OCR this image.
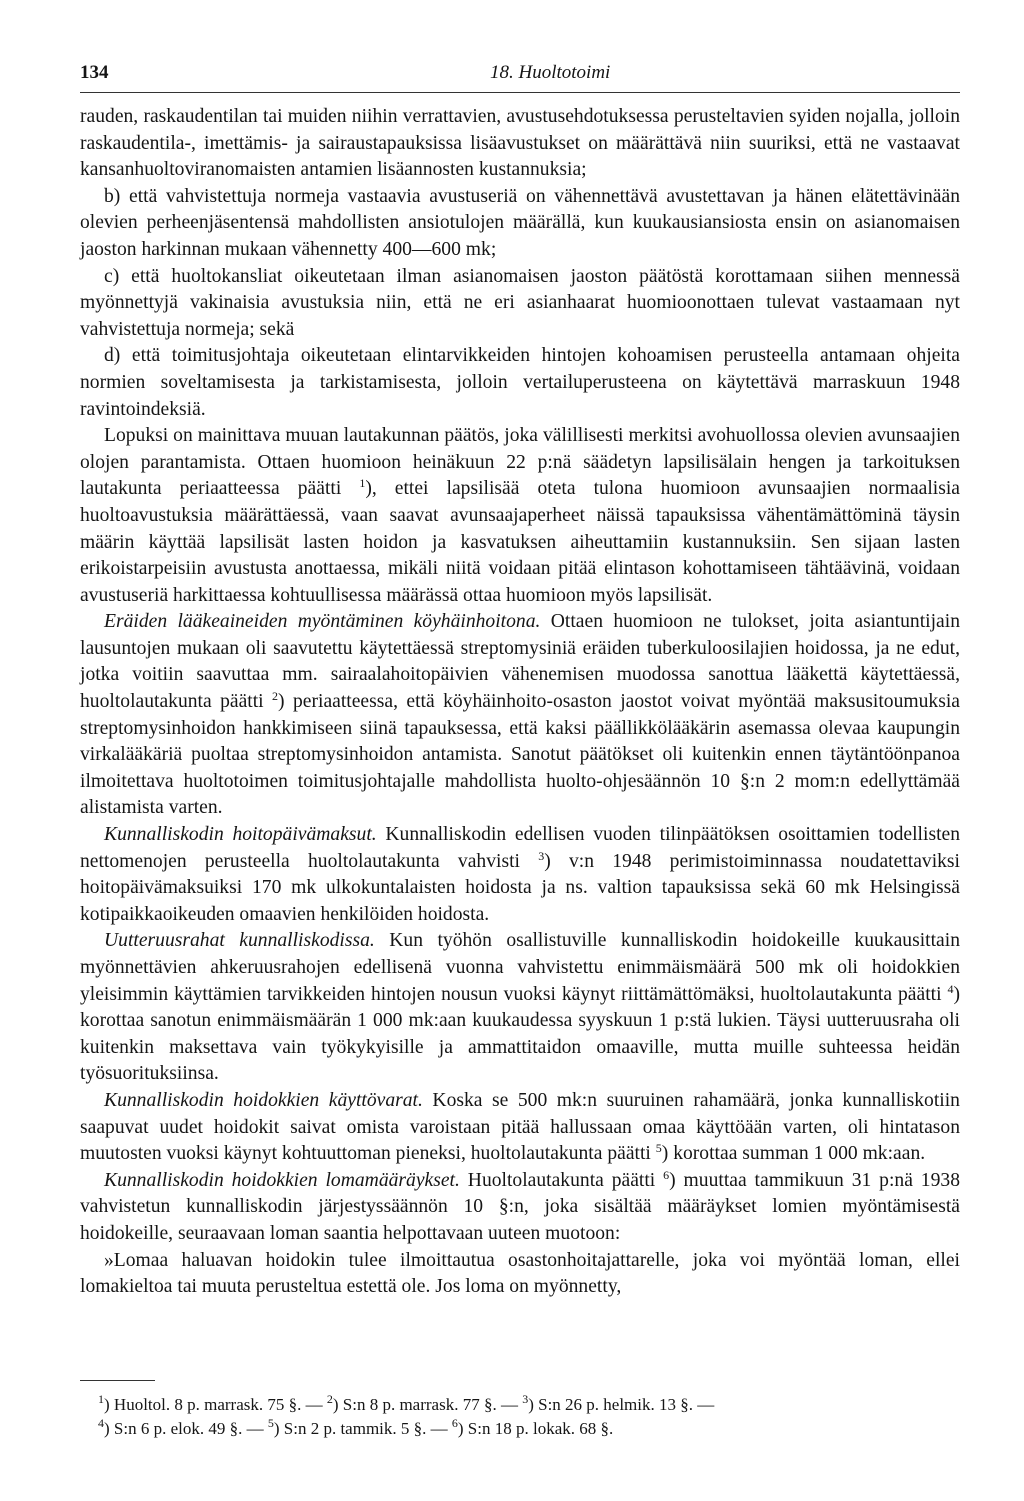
134	18. Huoltotoimi

rauden, raskaudentilan tai muiden niihin verrattavien, avustusehdotuksessa perusteltavien syiden nojalla, jolloin raskaudentila-, imettämis- ja sairaustapauksissa lisäavustukset on määrättävä niin suuriksi, että ne vastaavat kansanhuoltoviranomaisten antamien lisäannosten kustannuksia;

b) että vahvistettuja normeja vastaavia avustuseriä on vähennettävä avustettavan ja hänen elätettävinään olevien perheenjäsentensä mahdollisten ansiotulojen määrällä, kun kuukausiansiosta ensin on asianomaisen jaoston harkinnan mukaan vähennetty 400—600 mk;

c) että huoltokansliat oikeutetaan ilman asianomaisen jaoston päätöstä korottamaan siihen mennessä myönnettyjä vakinaisia avustuksia niin, että ne eri asianhaarat huomioonottaen tulevat vastaamaan nyt vahvistettuja normeja; sekä

d) että toimitusjohtaja oikeutetaan elintarvikkeiden hintojen kohoamisen perusteella antamaan ohjeita normien soveltamisesta ja tarkistamisesta, jolloin vertailuperusteena on käytettävä marraskuun 1948 ravintoindeksiä.

Lopuksi on mainittava muuan lautakunnan päätös, joka välillisesti merkitsi avohuollossa olevien avunsaajien olojen parantamista. Ottaen huomioon heinäkuun 22 p:nä säädetyn lapsilisälain hengen ja tarkoituksen lautakunta periaatteessa päätti $^1$), ettei lapsilisää oteta tulona huomioon avunsaajien normaalisia huoltoavustuksia määrättäessä, vaan saavat avunsaajaperheet näissä tapauksissa vähentämättöminä täysin määrin käyttää lapsilisät lasten hoidon ja kasvatuksen aiheuttamiin kustannuksiin. Sen sijaan lasten erikoistarpeisiin avustusta anottaessa, mikäli niitä voidaan pitää elintason kohottamiseen tähtäävinä, voidaan avustuseriä harkittaessa kohtuullisessa määrässä ottaa huomioon myös lapsilisät.

Eräiden lääkeaineiden myöntäminen köyhäinhoitona. Ottaen huomioon ne tulokset, joita asiantuntijain lausuntojen mukaan oli saavutettu käytettäessä streptomysiniä eräiden tuberkuloosilajien hoidossa, ja ne edut, jotka voitiin saavuttaa mm. sairaalahoitopäivien vähenemisen muodossa sanottua lääkettä käytettäessä, huoltolautakunta päätti $^2$) periaatteessa, että köyhäinhoito-osaston jaostot voivat myöntää maksusitoumuksia streptomysinhoidon hankkimiseen siinä tapauksessa, että kaksi päällikkölääkärin asemassa olevaa kaupungin virkalääkäriä puoltaa streptomysinhoidon antamista. Sanotut päätökset oli kuitenkin ennen täytäntöönpanoa ilmoitettava huoltotoimen toimitusjohtajalle mahdollista huolto-ohjesäännön 10 §:n 2 mom:n edellyttämää alistamista varten.

Kunnalliskodin hoitopäivämaksut. Kunnalliskodin edellisen vuoden tilinpäätöksen osoittamien todellisten nettomenojen perusteella huoltolautakunta vahvisti $^3$) v:n 1948 perimistoiminnassa noudatettaviksi hoitopäivämaksuiksi 170 mk ulkokuntalaisten hoidosta ja ns. valtion tapauksissa sekä 60 mk Helsingissä kotipaikkaoikeuden omaavien henkilöiden hoidosta.

Uutteruusrahat kunnalliskodissa. Kun työhön osallistuville kunnalliskodin hoidokeille kuukausittain myönnettävien ahkeruusrahojen edellisenä vuonna vahvistettu enimmäismäärä 500 mk oli hoidokkien yleisimmin käyttämien tarvikkeiden hintojen nousun vuoksi käynyt riittämättömäksi, huoltolautakunta päätti $^4$) korottaa sanotun enimmäismäärän 1 000 mk:aan kuukaudessa syyskuun 1 p:stä lukien. Täysi uutteruusraha oli kuitenkin maksettava vain työkykyisille ja ammattitaidon omaaville, mutta muille suhteessa heidän työsuorituksiinsa.

Kunnalliskodin hoidokkien käyttövarat. Koska se 500 mk:n suuruinen rahamäärä, jonka kunnalliskotiin saapuvat uudet hoidokit saivat omista varoistaan pitää hallussaan omaa käyttöään varten, oli hintatason muutosten vuoksi käynyt kohtuuttoman pieneksi, huoltolautakunta päätti $^5$) korottaa summan 1 000 mk:aan.

Kunnalliskodin hoidokkien lomamääräykset. Huoltolautakunta päätti $^6$) muuttaa tammikuun 31 p:nä 1938 vahvistetun kunnalliskodin järjestyssäännön 10 §:n, joka sisältää määräykset lomien myöntämisestä hoidokeille, seuraavaan loman saantia helpottavaan uuteen muotoon:

»Lomaa haluavan hoidokin tulee ilmoittautua osastonhoitajattarelle, joka voi myöntää loman, ellei lomakieltoa tai muuta perusteltua estettä ole. Jos loma on myönnetty,

$^1$) Huoltol. 8 p. marrask. 75 §. — $^2$) S:n 8 p. marrask. 77 §. — $^3$) S:n 26 p. helmik. 13 §. —

$^4$) S:n 6 p. elok. 49 §. — $^5$) S:n 2 p. tammik. 5 §. — $^6$) S:n 18 p. lokak. 68 §.
